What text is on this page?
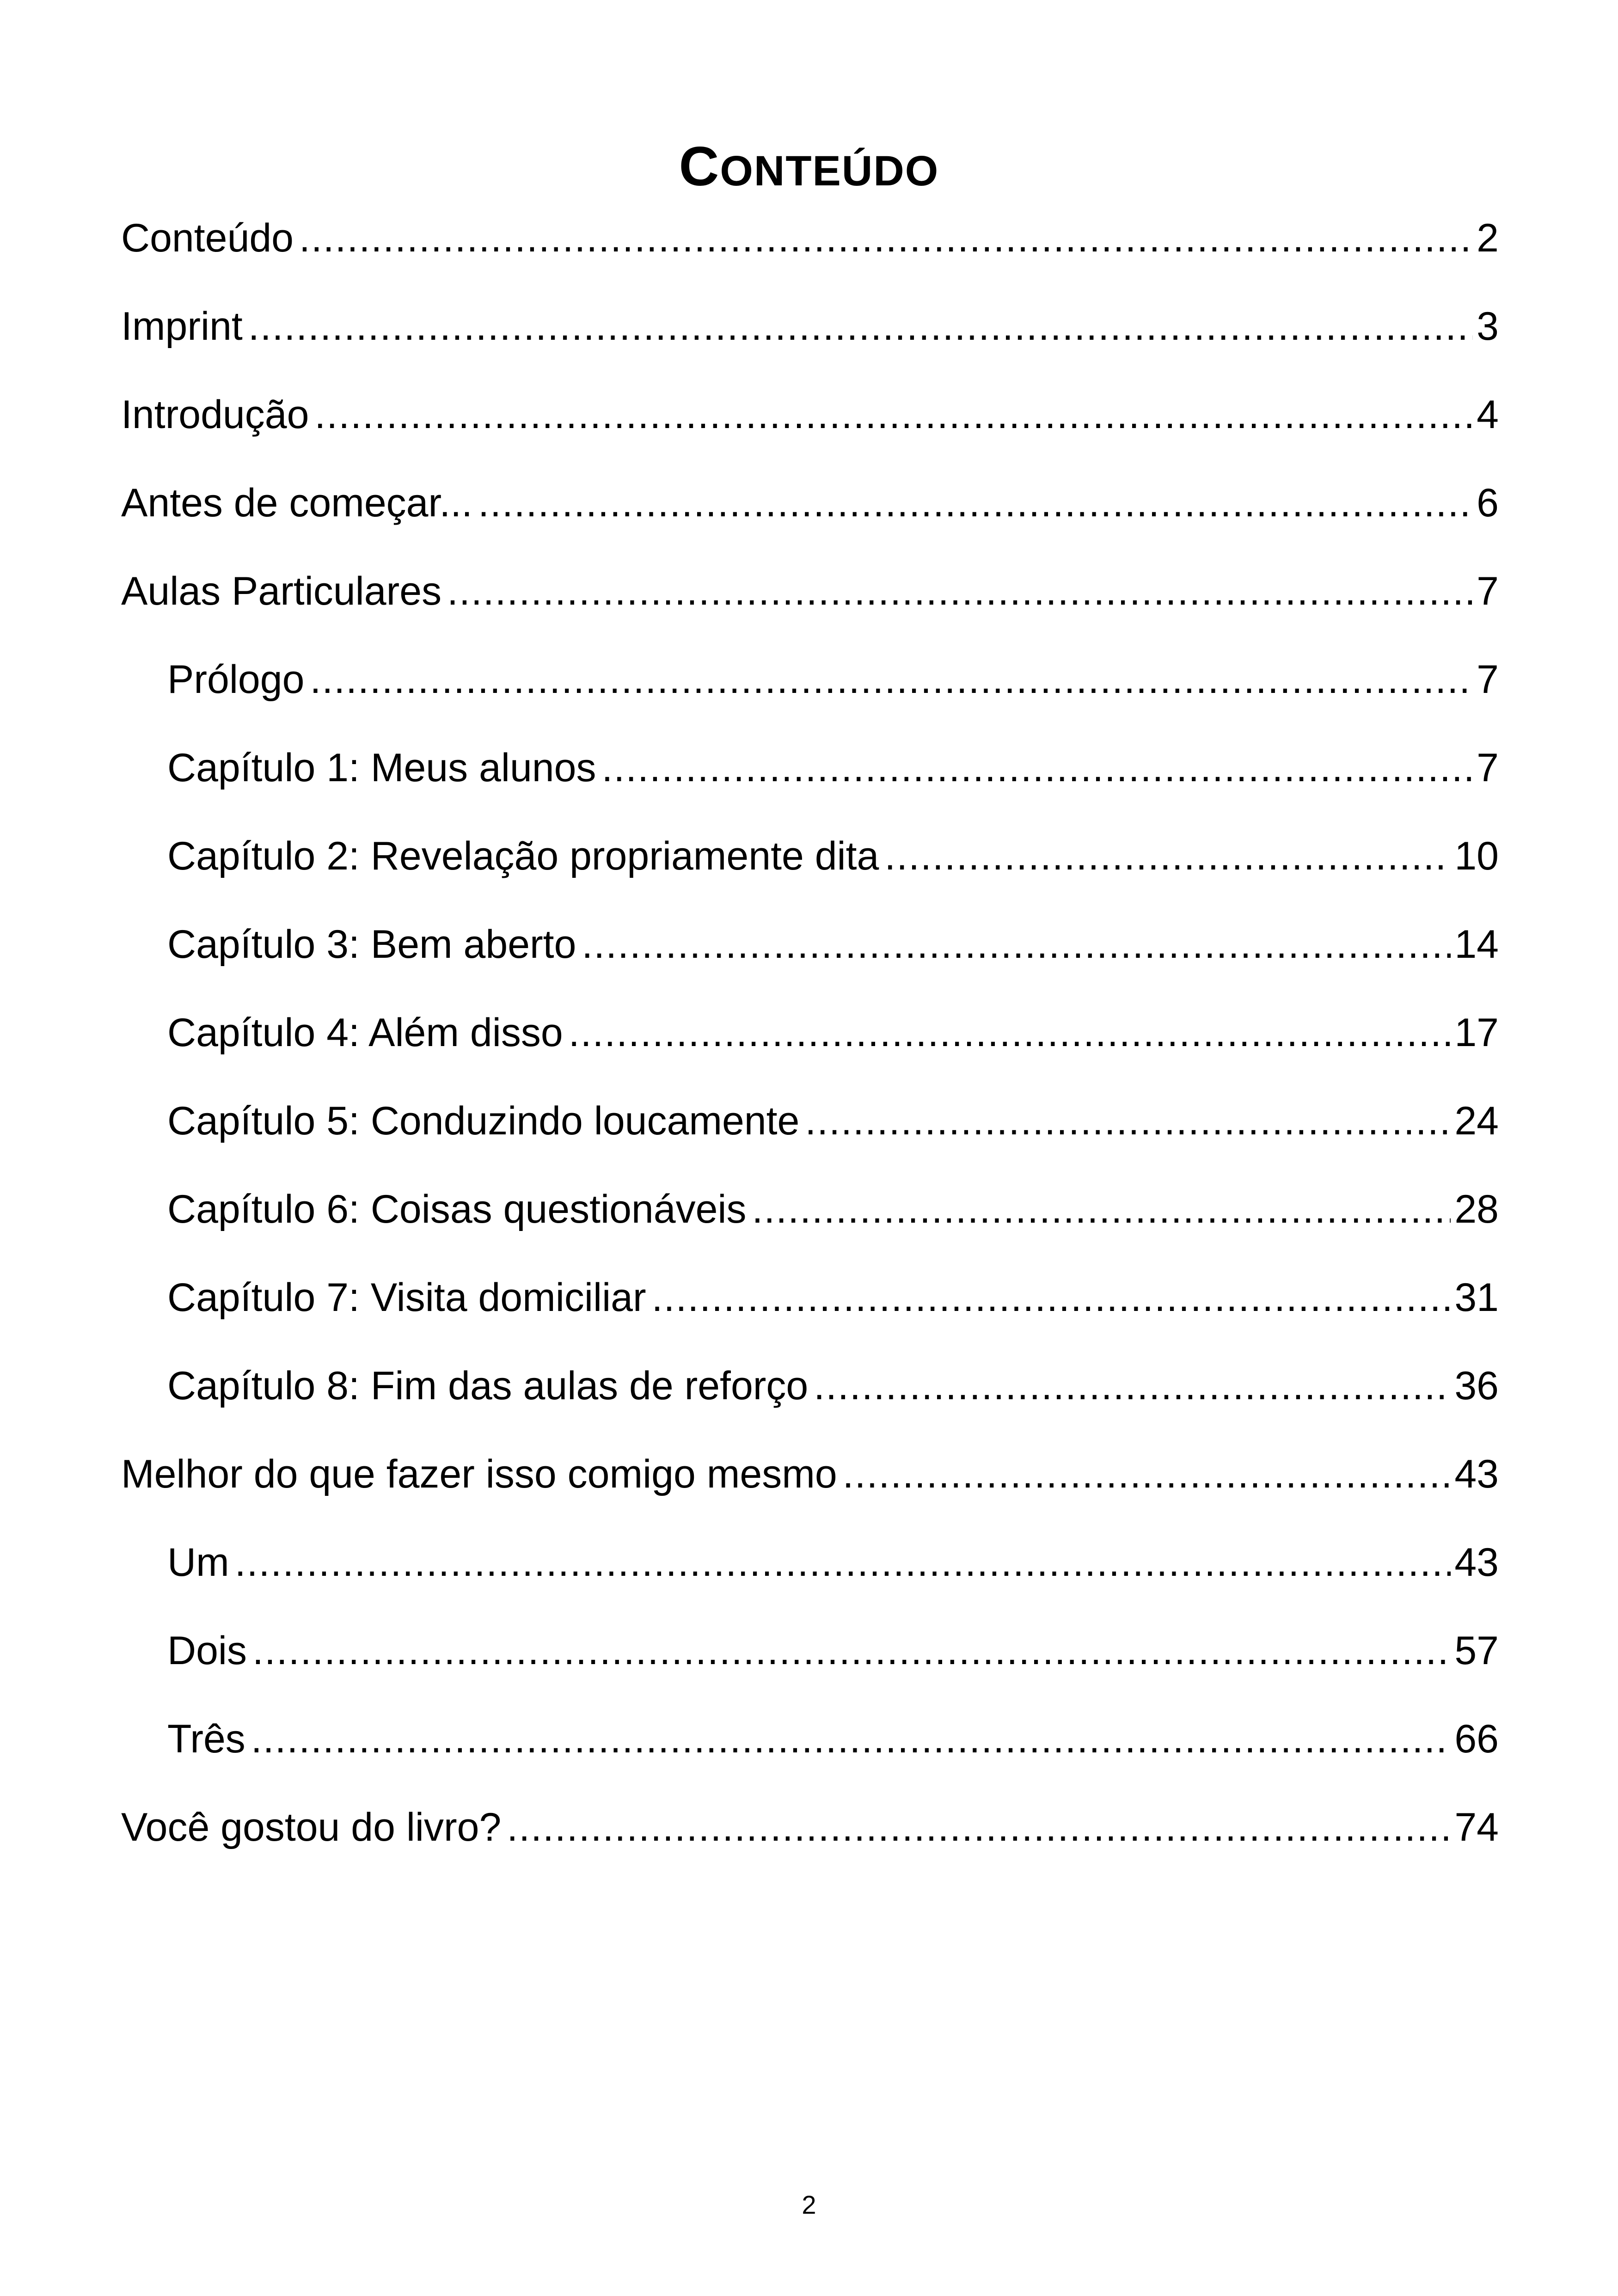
CONTEÚDO
Conteúdo .....	2
Imprint .....	3
Introdução .....	4
Antes de começar... .....	6
Aulas Particulares .....	7
Prólogo .....	7
Capítulo 1: Meus alunos .....	7
Capítulo 2: Revelação propriamente dita .....	10
Capítulo 3: Bem aberto .....	14
Capítulo 4: Além disso .....	17
Capítulo 5: Conduzindo loucamente .....	24
Capítulo 6: Coisas questionáveis .....	28
Capítulo 7: Visita domiciliar .....	31
Capítulo 8: Fim das aulas de reforço .....	36
Melhor do que fazer isso comigo mesmo .....	43
Um .....	43
Dois .....	57
Três .....	66
Você gostou do livro? .....	74
2
